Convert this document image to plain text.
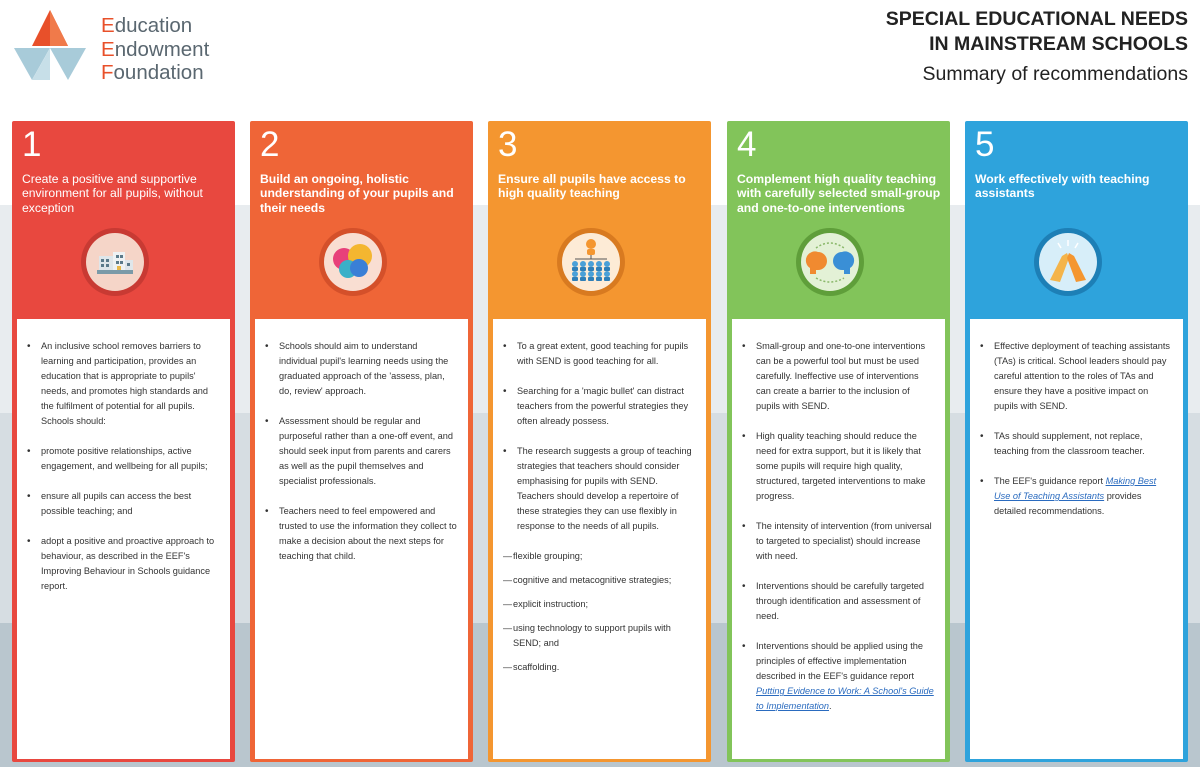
Education
Endowment
Foundation
SPECIAL EDUCATIONAL NEEDS
IN MAINSTREAM SCHOOLS
Summary of recommendations
1
Create a positive and supportive environment for all pupils, without exception
• An inclusive school removes barriers to learning and participation, provides an education that is appropriate to pupils' needs, and promotes high standards and the fulfilment of potential for all pupils. Schools should:
• promote positive relationships, active engagement, and wellbeing for all pupils;
• ensure all pupils can access the best possible teaching; and
• adopt a positive and proactive approach to behaviour, as described in the EEF's Improving Behaviour in Schools guidance report.
2
Build an ongoing, holistic understanding of your pupils and their needs
• Schools should aim to understand individual pupil's learning needs using the graduated approach of the 'assess, plan, do, review' approach.
• Assessment should be regular and purposeful rather than a one-off event, and should seek input from parents and carers as well as the pupil themselves and specialist professionals.
• Teachers need to feel empowered and trusted to use the information they collect to make a decision about the next steps for teaching that child.
3
Ensure all pupils have access to high quality teaching
• To a great extent, good teaching for pupils with SEND is good teaching for all.
• Searching for a 'magic bullet' can distract teachers from the powerful strategies they often already possess.
• The research suggests a group of teaching strategies that teachers should consider emphasising for pupils with SEND. Teachers should develop a repertoire of these strategies they can use flexibly in response to the needs of all pupils.
— flexible grouping;
— cognitive and metacognitive strategies;
— explicit instruction;
— using technology to support pupils with SEND; and
— scaffolding.
4
Complement high quality teaching with carefully selected small-group and one-to-one interventions
• Small-group and one-to-one interventions can be a powerful tool but must be used carefully. Ineffective use of interventions can create a barrier to the inclusion of pupils with SEND.
• High quality teaching should reduce the need for extra support, but it is likely that some pupils will require high quality, structured, targeted interventions to make progress.
• The intensity of intervention (from universal to targeted to specialist) should increase with need.
• Interventions should be carefully targeted through identification and assessment of need.
• Interventions should be applied using the principles of effective implementation described in the EEF's guidance report Putting Evidence to Work: A School's Guide to Implementation.
5
Work effectively with teaching assistants
• Effective deployment of teaching assistants (TAs) is critical. School leaders should pay careful attention to the roles of TAs and ensure they have a positive impact on pupils with SEND.
• TAs should supplement, not replace, teaching from the classroom teacher.
• The EEF's guidance report Making Best Use of Teaching Assistants provides detailed recommendations.
